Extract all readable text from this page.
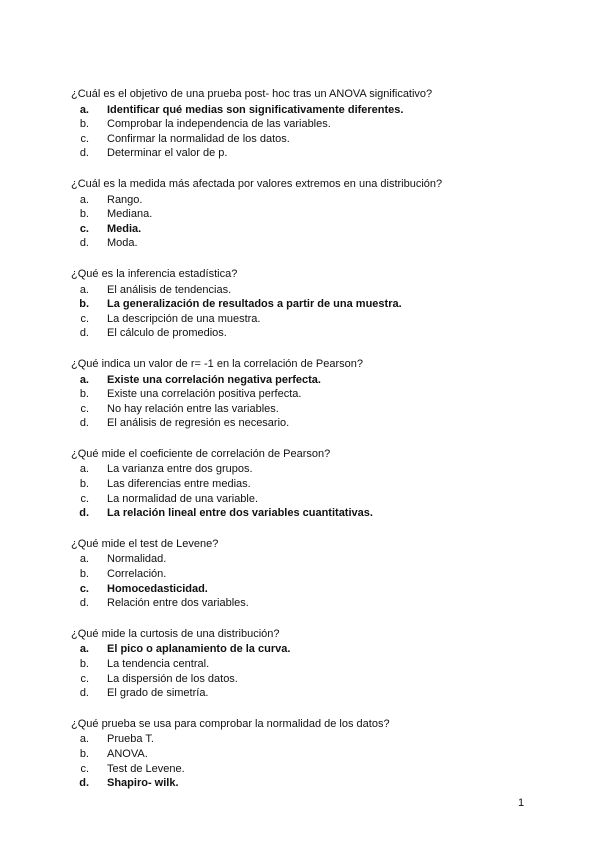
¿Cuál es el objetivo de una prueba post- hoc tras un ANOVA significativo?

a. Identificar qué medias son significativamente diferentes.
b. Comprobar la independencia de las variables.
c. Confirmar la normalidad de los datos.
d. Determinar el valor de p.

¿Cuál es la medida más afectada por valores extremos en una distribución?

a. Rango.
b. Mediana.
c. Media.
d. Moda.

¿Qué es la inferencia estadística?

a. El análisis de tendencias.
b. La generalización de resultados a partir de una muestra.
c. La descripción de una muestra.
d. El cálculo de promedios.

¿Qué indica un valor de r= -1 en la correlación de Pearson?

a. Existe una correlación negativa perfecta.
b. Existe una correlación positiva perfecta.
c. No hay relación entre las variables.
d. El análisis de regresión es necesario.

¿Qué mide el coeficiente de correlación de Pearson?

a. La varianza entre dos grupos.
b. Las diferencias entre medias.
c. La normalidad de una variable.
d. La relación lineal entre dos variables cuantitativas.

¿Qué mide el test de Levene?

a. Normalidad.
b. Correlación.
c. Homocedasticidad.
d. Relación entre dos variables.

¿Qué mide la curtosis de una distribución?

a. El pico o aplanamiento de la curva.
b. La tendencia central.
c. La dispersión de los datos.
d. El grado de simetría.

¿Qué prueba se usa para comprobar la normalidad de los datos?

a. Prueba T.
b. ANOVA.
c. Test de Levene.
d. Shapiro- wilk.
1
